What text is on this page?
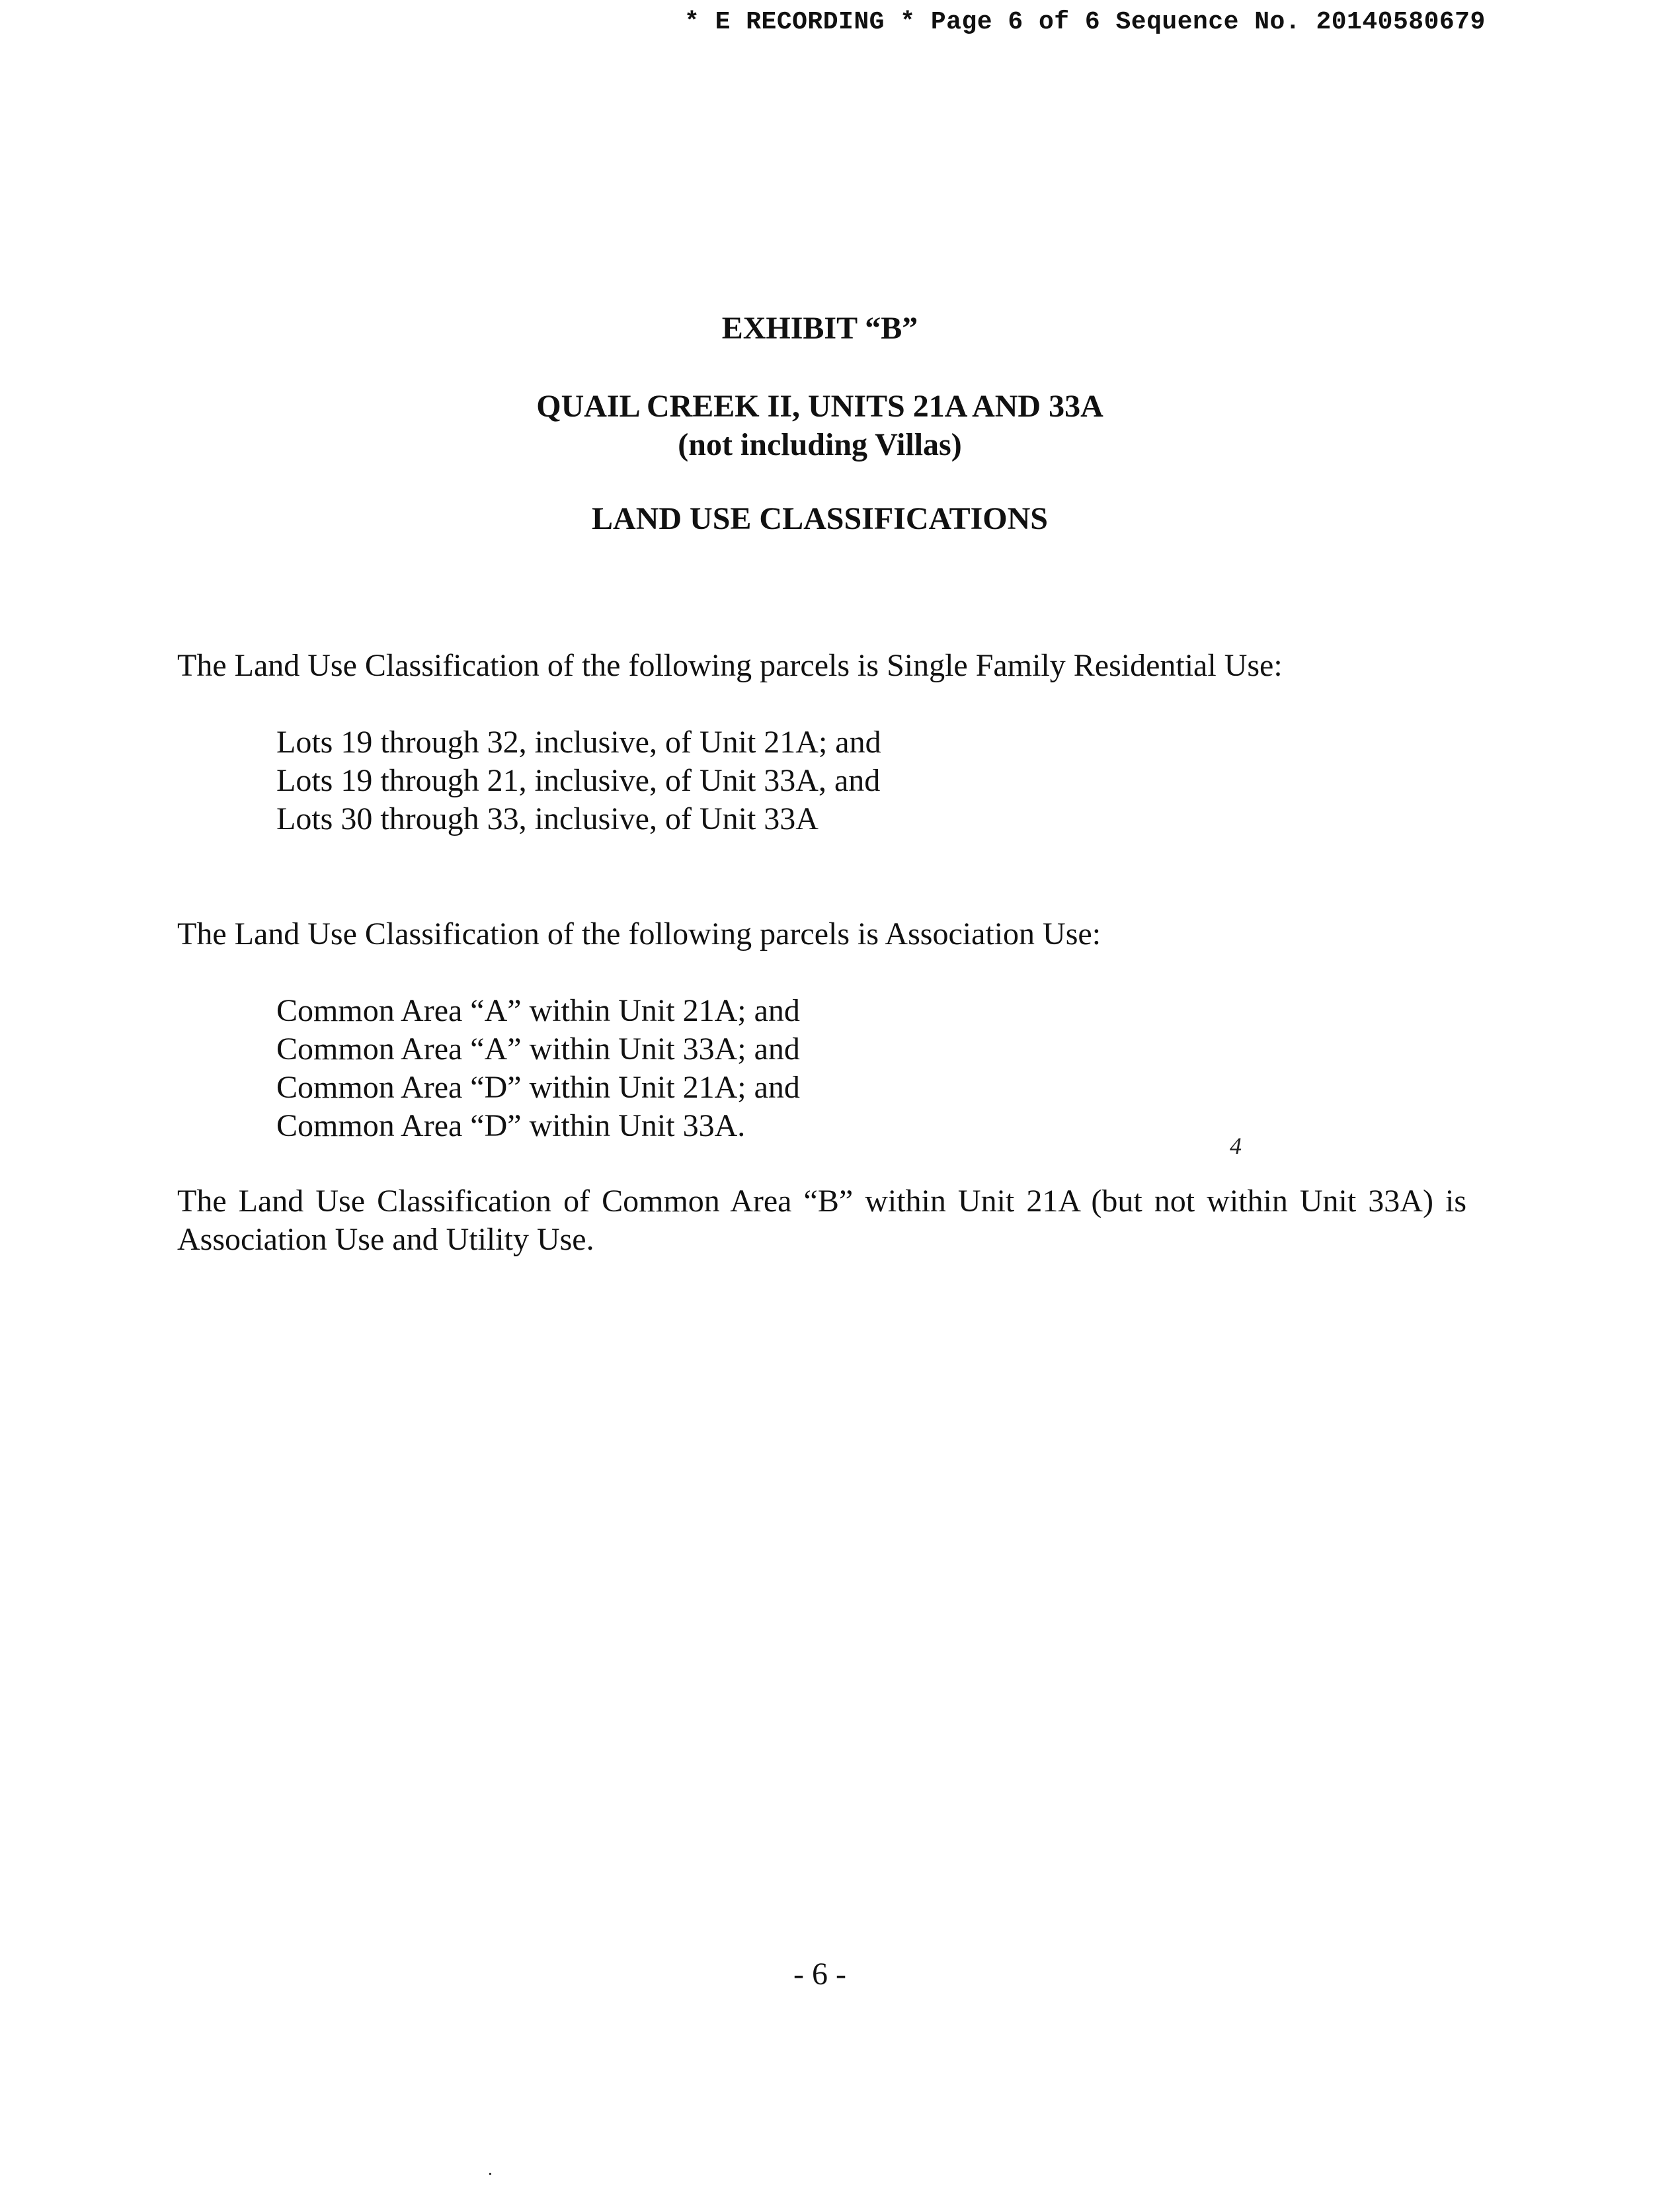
* E RECORDING * Page 6 of 6 Sequence No. 20140580679
EXHIBIT “B”
QUAIL CREEK II, UNITS 21A AND 33A
(not including Villas)
LAND USE CLASSIFICATIONS
The Land Use Classification of the following parcels is Single Family Residential Use:
Lots 19 through 32, inclusive, of Unit 21A; and
Lots 19 through 21, inclusive, of Unit 33A, and
Lots 30 through 33, inclusive, of Unit 33A
The Land Use Classification of the following parcels is Association Use:
Common Area “A” within Unit 21A; and
Common Area “A” within Unit 33A; and
Common Area “D” within Unit 21A; and
Common Area “D” within Unit 33A.
4
The Land Use Classification of Common Area “B” within Unit 21A (but not within Unit 33A) is Association Use and Utility Use.
- 6 -
